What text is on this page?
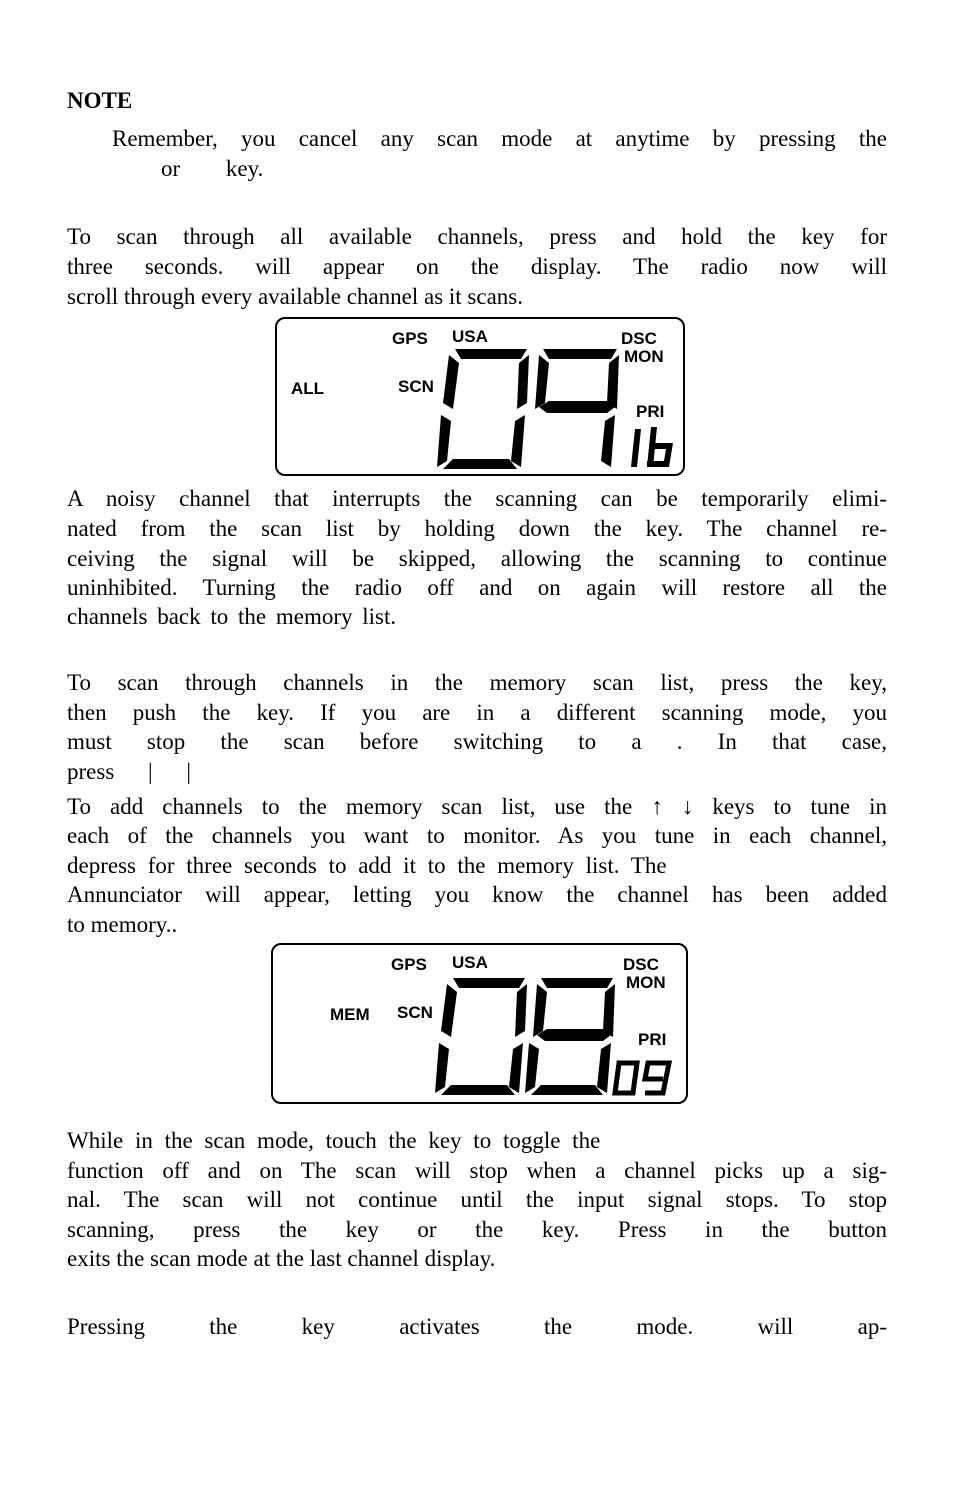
NOTE
Remember, you cancel any scan mode at anytime by pressing the
or key.
To scan through all available channels, press and hold the key for
three seconds. will appear on the display. The radio now will
scroll through every available channel as it scans.
GPS USA	DSC
MON
ALL	SCN
PRI
A noisy channel that interrupts the scanning can be temporarily elimi-
nated from the scan list by holding down the key. The channel re-
ceiving the signal will be skipped, allowing the scanning to continue
uninhibited. Turning the radio off and on again will restore all the
channels back to the memory list.
To scan through channels in the memory scan list, press the key,
then push the key. If you are in a different scanning mode, you
must stop the scan before switching to a . In that case,
press | |
To add channels to the memory scan list, use the ↑ ↓ keys to tune in
each of the channels you want to monitor. As you tune in each channel,
depress for three seconds to add it to the memory list. The
Annunciator will appear, letting you know the channel has been added
to memory..
GPS USA	DSC
MON
MEM SCN
PRI
While in the scan mode, touch the key to toggle the
function off and on The scan will stop when a channel picks up a sig-
nal. The scan will not continue until the input signal stops. To stop
scanning, press the key or the key. Press in the button
exits the scan mode at the last channel display.
Pressing the key activates the mode. will ap-
